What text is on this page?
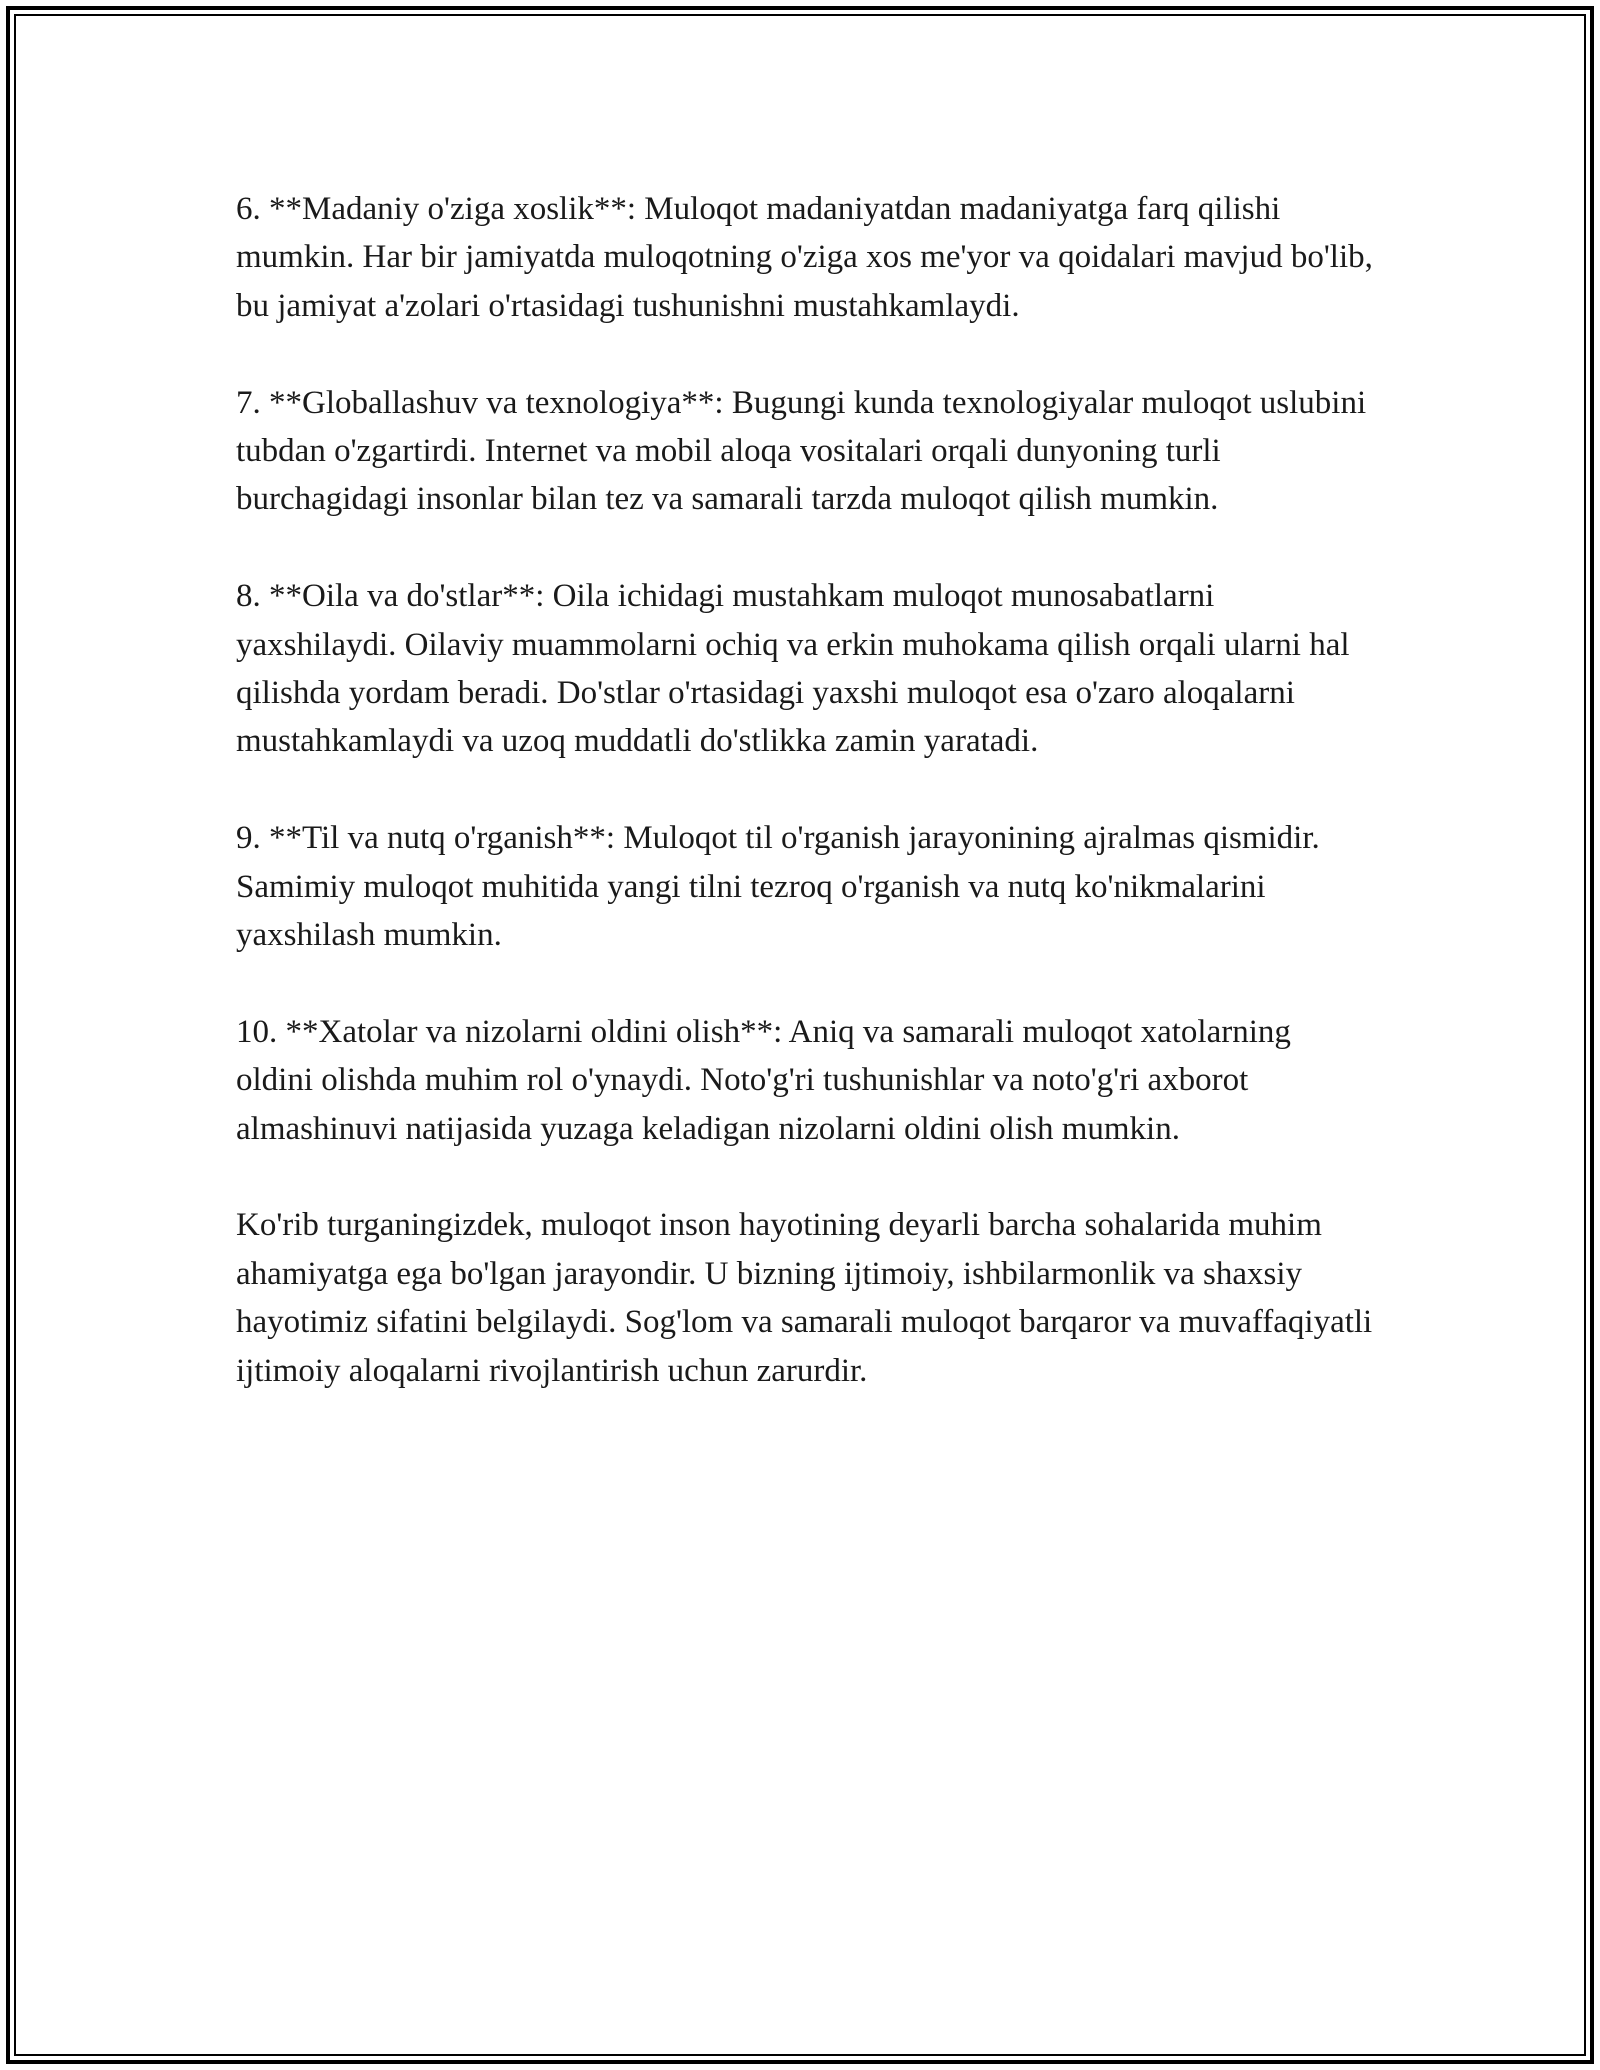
6. **Madaniy o'ziga xoslik**: Muloqot madaniyatdan madaniyatga farq qilishi mumkin. Har bir jamiyatda muloqotning o'ziga xos me'yor va qoidalari mavjud bo'lib, bu jamiyat a'zolari o'rtasidagi tushunishni mustahkamlaydi.

7. **Globallashuv va texnologiya**: Bugungi kunda texnologiyalar muloqot uslubini tubdan o'zgartirdi. Internet va mobil aloqa vositalari orqali dunyoning turli burchagidagi insonlar bilan tez va samarali tarzda muloqot qilish mumkin.

8. **Oila va do'stlar**: Oila ichidagi mustahkam muloqot munosabatlarni yaxshilaydi. Oilaviy muammolarni ochiq va erkin muhokama qilish orqali ularni hal qilishda yordam beradi. Do'stlar o'rtasidagi yaxshi muloqot esa o'zaro aloqalarni mustahkamlaydi va uzoq muddatli do'stlikka zamin yaratadi.

9. **Til va nutq o'rganish**: Muloqot til o'rganish jarayonining ajralmas qismidir. Samimiy muloqot muhitida yangi tilni tezroq o'rganish va nutq ko'nikmalarini yaxshilash mumkin.

10. **Xatolar va nizolarni oldini olish**: Aniq va samarali muloqot xatolarning oldini olishda muhim rol o'ynaydi. Noto'g'ri tushunishlar va noto'g'ri axborot almashinuvi natijasida yuzaga keladigan nizolarni oldini olish mumkin.

Ko'rib turganingizdek, muloqot inson hayotining deyarli barcha sohalarida muhim ahamiyatga ega bo'lgan jarayondir. U bizning ijtimoiy, ishbilarmonlik va shaxsiy hayotimiz sifatini belgilaydi. Sog'lom va samarali muloqot barqaror va muvaffaqiyatli ijtimoiy aloqalarni rivojlantirish uchun zarurdir.
